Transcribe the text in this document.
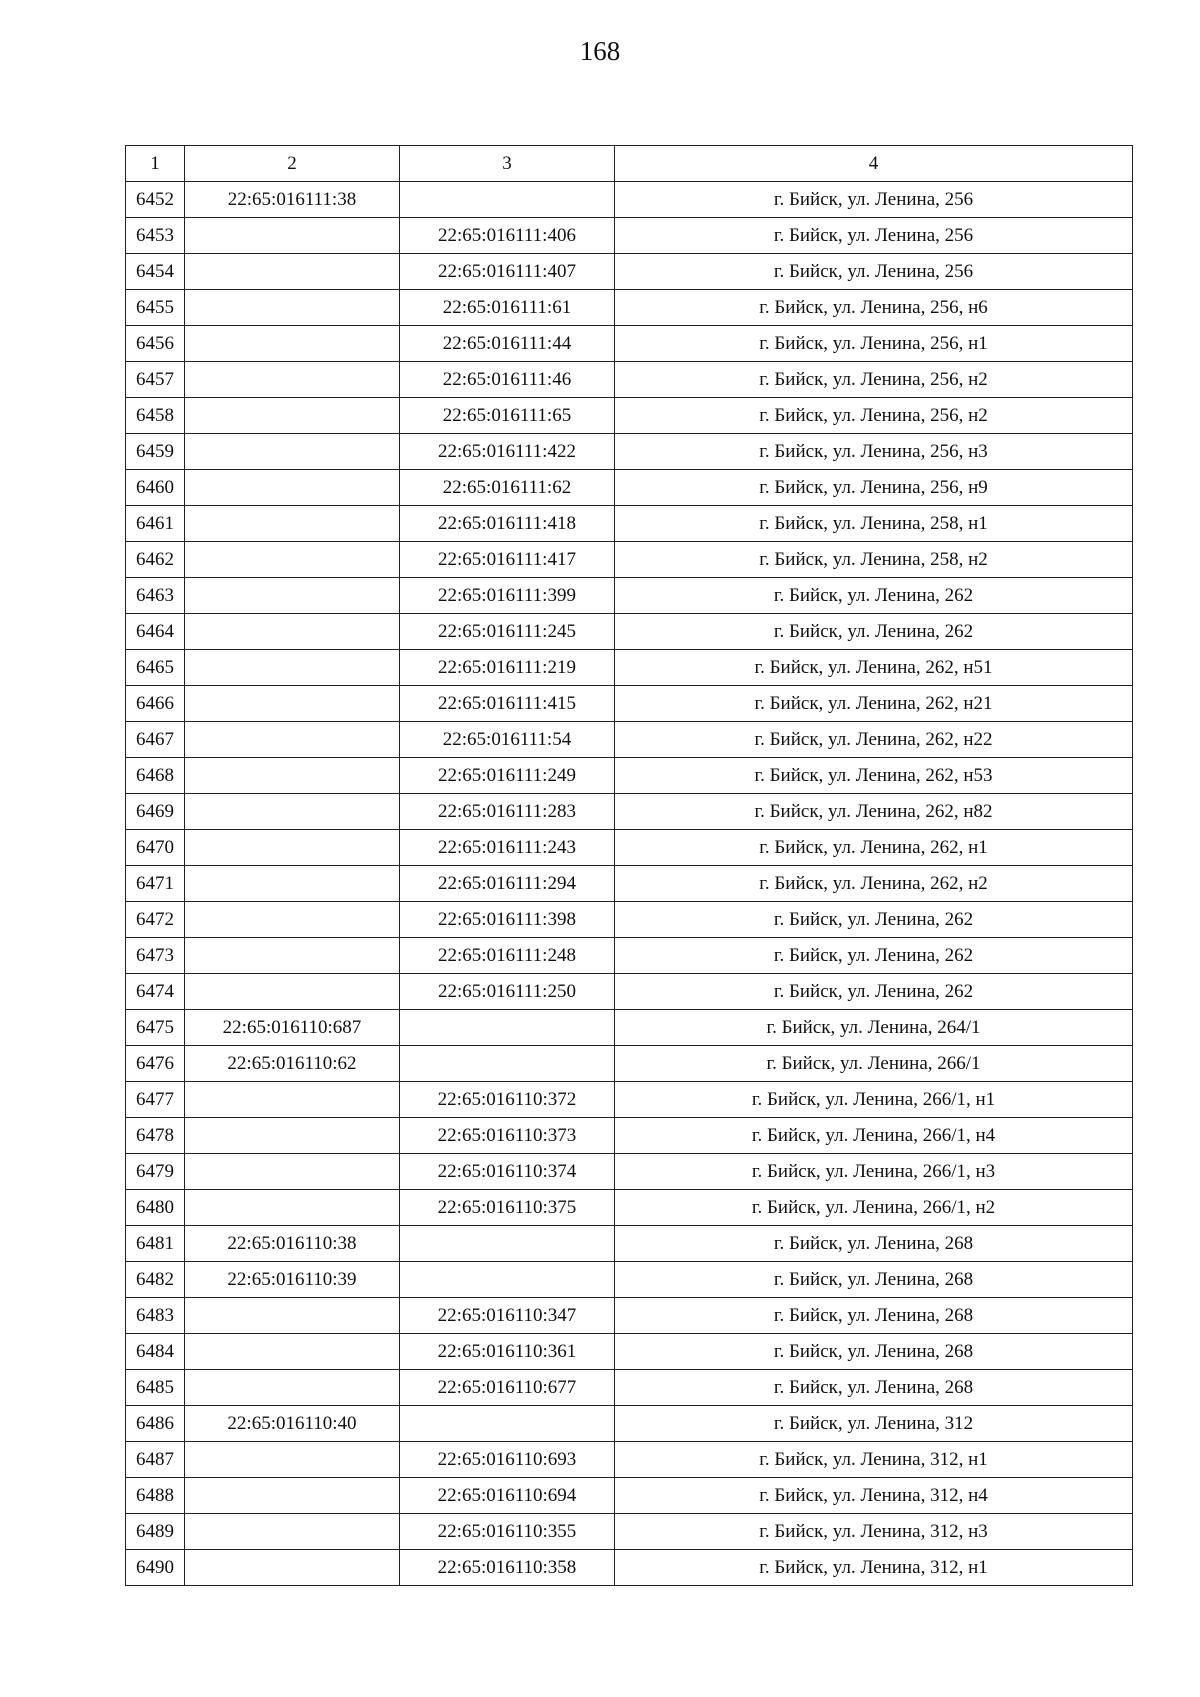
168
1	2	3	4
6452	22:65:016111:38		г. Бийск, ул. Ленина, 256
6453		22:65:016111:406	г. Бийск, ул. Ленина, 256
6454		22:65:016111:407	г. Бийск, ул. Ленина, 256
6455		22:65:016111:61	г. Бийск, ул. Ленина, 256, н6
6456		22:65:016111:44	г. Бийск, ул. Ленина, 256, н1
6457		22:65:016111:46	г. Бийск, ул. Ленина, 256, н2
6458		22:65:016111:65	г. Бийск, ул. Ленина, 256, н2
6459		22:65:016111:422	г. Бийск, ул. Ленина, 256, н3
6460		22:65:016111:62	г. Бийск, ул. Ленина, 256, н9
6461		22:65:016111:418	г. Бийск, ул. Ленина, 258, н1
6462		22:65:016111:417	г. Бийск, ул. Ленина, 258, н2
6463		22:65:016111:399	г. Бийск, ул. Ленина, 262
6464		22:65:016111:245	г. Бийск, ул. Ленина, 262
6465		22:65:016111:219	г. Бийск, ул. Ленина, 262, н51
6466		22:65:016111:415	г. Бийск, ул. Ленина, 262, н21
6467		22:65:016111:54	г. Бийск, ул. Ленина, 262, н22
6468		22:65:016111:249	г. Бийск, ул. Ленина, 262, н53
6469		22:65:016111:283	г. Бийск, ул. Ленина, 262, н82
6470		22:65:016111:243	г. Бийск, ул. Ленина, 262, н1
6471		22:65:016111:294	г. Бийск, ул. Ленина, 262, н2
6472		22:65:016111:398	г. Бийск, ул. Ленина, 262
6473		22:65:016111:248	г. Бийск, ул. Ленина, 262
6474		22:65:016111:250	г. Бийск, ул. Ленина, 262
6475	22:65:016110:687		г. Бийск, ул. Ленина, 264/1
6476	22:65:016110:62		г. Бийск, ул. Ленина, 266/1
6477		22:65:016110:372	г. Бийск, ул. Ленина, 266/1, н1
6478		22:65:016110:373	г. Бийск, ул. Ленина, 266/1, н4
6479		22:65:016110:374	г. Бийск, ул. Ленина, 266/1, н3
6480		22:65:016110:375	г. Бийск, ул. Ленина, 266/1, н2
6481	22:65:016110:38		г. Бийск, ул. Ленина, 268
6482	22:65:016110:39		г. Бийск, ул. Ленина, 268
6483		22:65:016110:347	г. Бийск, ул. Ленина, 268
6484		22:65:016110:361	г. Бийск, ул. Ленина, 268
6485		22:65:016110:677	г. Бийск, ул. Ленина, 268
6486	22:65:016110:40		г. Бийск, ул. Ленина, 312
6487		22:65:016110:693	г. Бийск, ул. Ленина, 312, н1
6488		22:65:016110:694	г. Бийск, ул. Ленина, 312, н4
6489		22:65:016110:355	г. Бийск, ул. Ленина, 312, н3
6490		22:65:016110:358	г. Бийск, ул. Ленина, 312, н1
